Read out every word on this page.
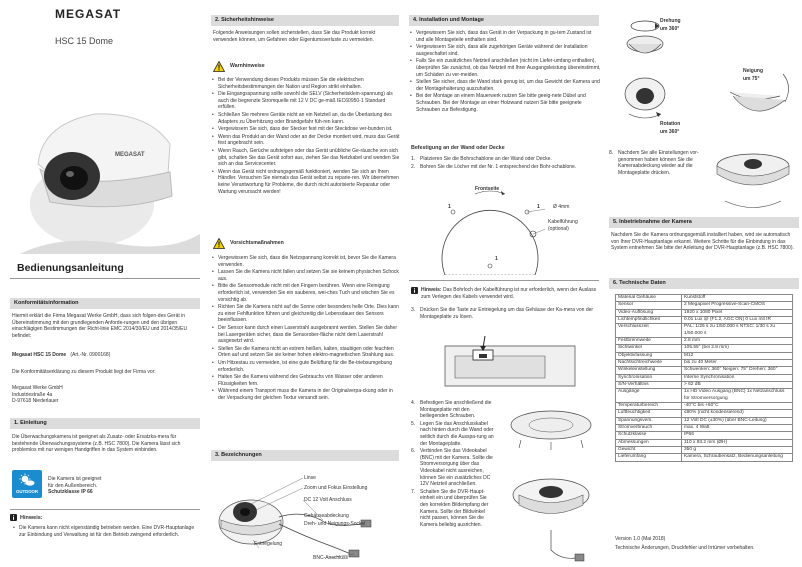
MEGASAT
HSC 15 Dome
MEGASAT
Bedienungsanleitung
Konformitätsinformation
Hiermit erklärt die Firma Megasat Werke GmbH, dass sich folgen-des Gerät in Übereinstimmung mit den grundlegenden Anforde-rungen und den übrigen einschlägigen Bestimmungen der Richt-linie EMC 2014/30/EU und 2014/35/EU befindet:
Megasat HSC 15 Dome (Art.-Nr. 0900168)
Die Konformitätserklärung zu diesem Produkt liegt der Firma vor:
Megasat Werke GmbH
Industriestraße 4a
D-97618 Niederlauer
1. Einleitung
Die Überwachungskamera ist geeignet als Zusatz- oder Ersatzka-mera für bestehende Überwachungssysteme (z.B. HSC 7800). Die Kamera lässt sich problemlos mit nur wenigen Handgriffen in das System einbinden.
OUTDOOR
Die Kamera ist geeignet
für den Außenbereich.
Schutzklasse IP 66
Hinweis:
• Die Kamera kann nicht eigenständig betrieben werden. Eine DVR-Hauptanlage zur Einbindung und Verwaltung ist für den Betrieb zwingend erforderlich.
2. Sicherheitshinweise
Folgende Anweisungen sollen sicherstellen, dass Sie das Produkt korrekt verwenden können, um Gefahren oder Eigentumsverluste zu vermeiden.
Warnhinweise
• Bei der Verwendung dieses Produkts müssen Sie die elektrischen Sicherheitsbestimmungen der Nation und Region strikt einhalten.
• Die Eingangsspannung sollte sowohl die SELV (Sicherheitsklein-spannung) als auch die begrenzte Stromquelle mit 12 V DC ge-mäß IEC60950-1 Standard erfüllen.
• Schließen Sie mehrere Geräte nicht an ein Netzteil an, da die Überlastung des Adapters zu Überhitzung oder Brandgefahr füh-ren kann.
• Vergewissern Sie sich, dass der Stecker fest mit der Steckdose ver-bunden ist.
• Wenn das Produkt an der Wand oder an der Decke montiert wird, muss das Gerät fest angebracht sein.
• Wenn Rauch, Gerüche aufsteigen oder das Gerät unübliche Ge-räusche von sich gibt, schalten Sie das Gerät sofort aus, ziehen Sie das Netzkabel und wenden Sie sich an das Servicecenter.
• Wenn das Gerät nicht ordnungsgemäß funktioniert, wenden Sie sich an Ihren Händler. Versuchen Sie niemals das Gerät selbst zu reparie-ren. Wir übernehmen keine Verantwortung für Probleme, die durch nicht autorisierte Reparatur oder Wartung verursacht werden!
Vorsichtsmaßnahmen
• Vergewissern Sie sich, dass die Netzspannung korrekt ist, bevor Sie die Kamera verwenden.
• Lassen Sie die Kamera nicht fallen und setzen Sie sie keinem physischen Schock aus.
• Bitte die Sensormodule nicht mit den Fingern berühren. Wenn eine Reinigung erforderlich ist, verwenden Sie ein sauberes, wei-ches Tuch und wischen Sie es vorsichtig ab.
• Richten Sie die Kamera nicht auf die Sonne oder besonders helle Orte. Dies kann zu einer Fehlfunktion führen und gleichzeitig die Lebensdauer des Sensors beeinflussen.
• Der Sensor kann durch einen Laserstrahl ausgebrannt werden. Stellen Sie daher bei Lasergeräten sicher, dass die Sensorober-fläche nicht dem Laserstrahl ausgesetzt wird.
• Stellen Sie die Kamera nicht an extrem heißen, kalten, staubigen oder feuchten Orten auf und setzen Sie sie keiner hohen elektro-magnetischen Strahlung aus.
• Um Hitzestau zu vermeiden, ist eine gute Belüftung für die Be-triebsumgebung erforderlich.
• Halten Sie die Kamera während des Gebrauchs von Wasser oder anderen Flüssigkeiten fern.
• Während einem Transport muss die Kamera in der Originalverpa-ckung oder in der Verpackung der gleichen Textur versandt sein.
3. Bezeichnungen
Linse
Zoom und Fokus Einstellung
DC 12 Volt Anschluss
Gehäuseabdeckung
Dreh- und Neigungs-Sockel
Entriegelung
BNC-Anschluss
4. Installation und Montage
• Vergewissern Sie sich, dass das Gerät in der Verpackung in gu-tem Zustand ist und alle Montageteile enthalten sind.
• Vergewissern Sie sich, dass alle zugehörigen Geräte während der Installation ausgeschaltet sind.
• Falls Sie ein zusätzliches Netzteil anschließen (nicht im Liefer-umfang enthalten), überprüfen Sie zunächst, ob das Netzteil mit Ihrer Ausgangsleistung übereinstimmt, um Schäden zu ver-meiden.
• Stellen Sie sicher, dass die Wand stark genug ist, um das Gewicht der Kamera und der Montagehalterung auszuhalten.
• Bei der Montage an einem Mauerwerk nutzen Sie bitte geeig-nete Dübel und Schrauben. Bei der Montage an einer Holzwand nutzen Sie bitte geeignete Schrauben zur Befestigung.
Befestigung an der Wand oder Decke
1. Platzieren Sie die Bohrschablone an der Wand oder Decke.
2. Bohren Sie die Löcher mit der Nr. 1 entsprechend der Bohr-schablone.
Frontseite
Ø 4mm
Kabelführung
(optional)
1	1
1
Hinweis: Das Bohrloch der Kabelführung ist nur erforderlich, wenn der Auslass zum Verlegen des Kabels verwendet wird.
3. Drücken Sie die Taste zur Entriegelung um das Gehäuse der Ka-mera von der Montageplatte zu lösen.
4. Befestigen Sie anschließend die Montageplatte mit den beiliegenden Schrauben.
5. Legen Sie das Anschlusskabel nach hinten durch die Wand oder seitlich durch die Ausspa-rung an der Montageplatte.
6. Verbinden Sie das Videokabel (BNC) mit der Kamera. Sollte die Stromversorgung über das Videokabel nicht ausreichen, können Sie ein zusätzliches DC 12V Netzteil anschließen.
7. Schalten Sie die DVR-Haupt-einheit ein und überprüfen Sie den korrekten Bildempfang der Kamera. Sollte der Bildwinkel nicht passen, können Sie die Kamera beliebig ausrichten.
Drehung
um 360°
Neigung
um 75°
Rotation
um 360°
8. Nachdem Sie alle Einstellungen vor-genommen haben können Sie die Kameraabdeckung wieder auf die Montageplatte drücken.
5. Inbetriebnahme der Kamera
Nachdem Sie die Kamera ordnungsgemäß installiert haben, wird sie automatisch von Ihrer DVR-Hauptanlage erkannt. Weitere Schritte für die Einbindung in das System entnehmen Sie bitte der Anleitung der DVR-Hauptanlage (z.B. HSC 7800).
6. Technische Daten
Material Gehäuse	Kunststoff
Sensor	2 Megapixel Progressive-Scan-CMOS
Video-Auflösung	1920 x 1080 Pixel
Lichtempfindlichkeit	0.01 Lux @ (F1.2, AGC ON) 0 Lux mit IR
Verschlusszeit	PAL: 1/25 s zu 1/50.000 s NTSC: 1/30 s zu 1/50.000 s
Festbrennweite	2.8 mm
Sichtwinkel	105.55° (bei 2.8 mm)
Objektivfassung	M12
Nachtsichtreichweite	bis zu 40 Meter
Winkeleinstellung	Schwenken: 360° Neigen: 75° Drehen: 360°
Synchronisation	Interne Synchronisation
S/N-Verhältnis	> 62 dB
Ausgänge	1x HD Video Ausgang (BNC) 1x Netzanschluss für Stromversorgung
Temperaturbereich	-40°C bis +60°C
Luftfeuchtigkeit	≤90% (nicht kondensierend)
Spannungsvers.	12 Volt DC (±30%) (über BNC-Leitung)
Stromverbrauch	max. 4 Watt
Schutzklasse	IP66
Abmessungen	110 x 93.2 mm (ØH)
Gewicht	350 g
Lieferumfang	Kamera, Schraubensatz, Bedienungsanleitung
Version 1.0 (Mai 2018)
Technische Änderungen, Druckfehler und Irrtümer vorbehalten.
